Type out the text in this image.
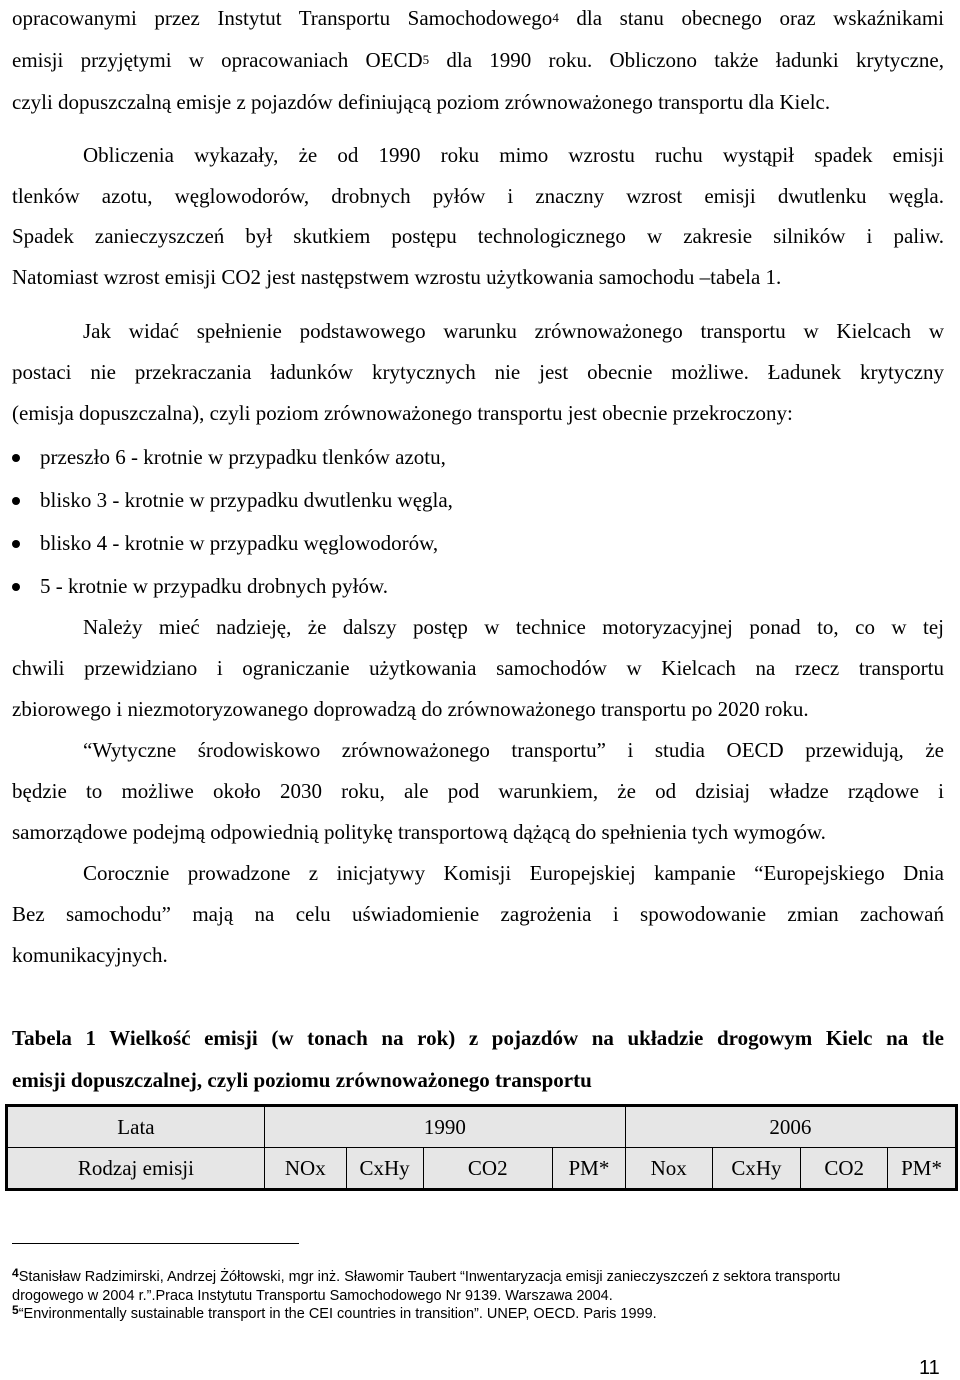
opracowanymi przez Instytut Transportu Samochodowego$^4$ dla stanu obecnego oraz wskaźnikami
emisji przyjętymi w opracowaniach OECD$^5$ dla 1990 roku. Obliczono także ładunki krytyczne,
czyli dopuszczalną emisje z pojazdów definiującą poziom zrównoważonego transportu dla Kielc.
Obliczenia wykazały, że od 1990 roku mimo wzrostu ruchu wystąpił spadek emisji
tlenków azotu, węglowodorów, drobnych pyłów i znaczny wzrost emisji dwutlenku węgla.
Spadek zanieczyszczeń był skutkiem postępu technologicznego w zakresie silników i paliw.
Natomiast wzrost emisji CO2 jest następstwem wzrostu użytkowania samochodu –tabela 1.
Jak widać spełnienie podstawowego warunku zrównoważonego transportu w Kielcach w
postaci nie przekraczania ładunków krytycznych nie jest obecnie możliwe. Ładunek krytyczny
(emisja dopuszczalna), czyli poziom zrównoważonego transportu jest obecnie przekroczony:
przeszło 6 - krotnie w przypadku tlenków azotu,
blisko 3 - krotnie w przypadku dwutlenku węgla,
blisko 4 - krotnie w przypadku węglowodorów,
5 - krotnie w przypadku drobnych pyłów.
Należy mieć nadzieję, że dalszy postęp w technice motoryzacyjnej ponad to, co w tej
chwili przewidziano i ograniczanie użytkowania samochodów w Kielcach na rzecz transportu
zbiorowego i niezmotoryzowanego doprowadzą do zrównoważonego transportu po 2020 roku.
“Wytyczne środowiskowo zrównoważonego transportu” i studia OECD przewidują, że
będzie to możliwe około 2030 roku, ale pod warunkiem, że od dzisiaj władze rządowe i
samorządowe podejmą odpowiednią politykę transportową dążącą do spełnienia tych wymogów.
Corocznie prowadzone z inicjatywy Komisji Europejskiej kampanie “Europejskiego Dnia
Bez samochodu” mają na celu uświadomienie zagrożenia i spowodowanie zmian zachowań
komunikacyjnych.
Tabela 1 Wielkość emisji (w tonach na rok) z pojazdów na układzie drogowym Kielc na tle
emisji dopuszczalnej, czyli poziomu zrównoważonego transportu
Lata	1990				2006			
Rodzaj emisji	NOx	CxHy	CO2	PM*	Nox	CxHy	CO2	PM*
$^4$Stanisław Radzimirski, Andrzej Żółtowski, mgr inż. Sławomir Taubert “Inwentaryzacja emisji zanieczyszczeń z sektora transportu
drogowego w 2004 r.”.Praca Instytutu Transportu Samochodowego Nr 9139. Warszawa 2004.
$^5$“Environmentally sustainable transport in the CEI countries in transition”. UNEP, OECD. Paris 1999.
11
